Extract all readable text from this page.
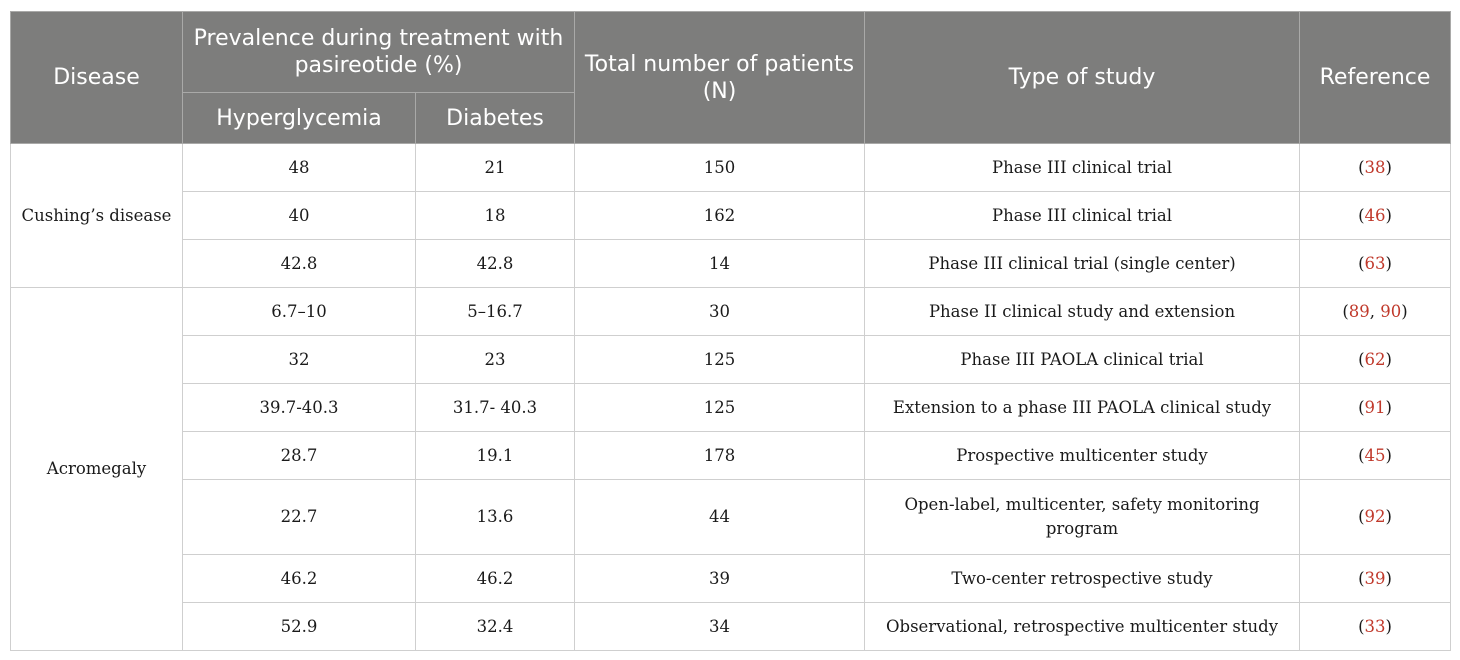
Disease	Prevalence during treatment with pasireotide (%)		Total number of patients (N)	Type of study	Reference
	Hyperglycemia	Diabetes			
Cushing’s disease	48	21	150	Phase III clinical trial	(38)
	40	18	162	Phase III clinical trial	(46)
	42.8	42.8	14	Phase III clinical trial (single center)	(63)
Acromegaly	6.7–10	5–16.7	30	Phase II clinical study and extension	(89, 90)
	32	23	125	Phase III PAOLA clinical trial	(62)
	39.7-40.3	31.7- 40.3	125	Extension to a phase III PAOLA clinical study	(91)
	28.7	19.1	178	Prospective multicenter study	(45)
	22.7	13.6	44	Open-label, multicenter, safety monitoring program	(92)
	46.2	46.2	39	Two-center retrospective study	(39)
	52.9	32.4	34	Observational, retrospective multicenter study	(33)
